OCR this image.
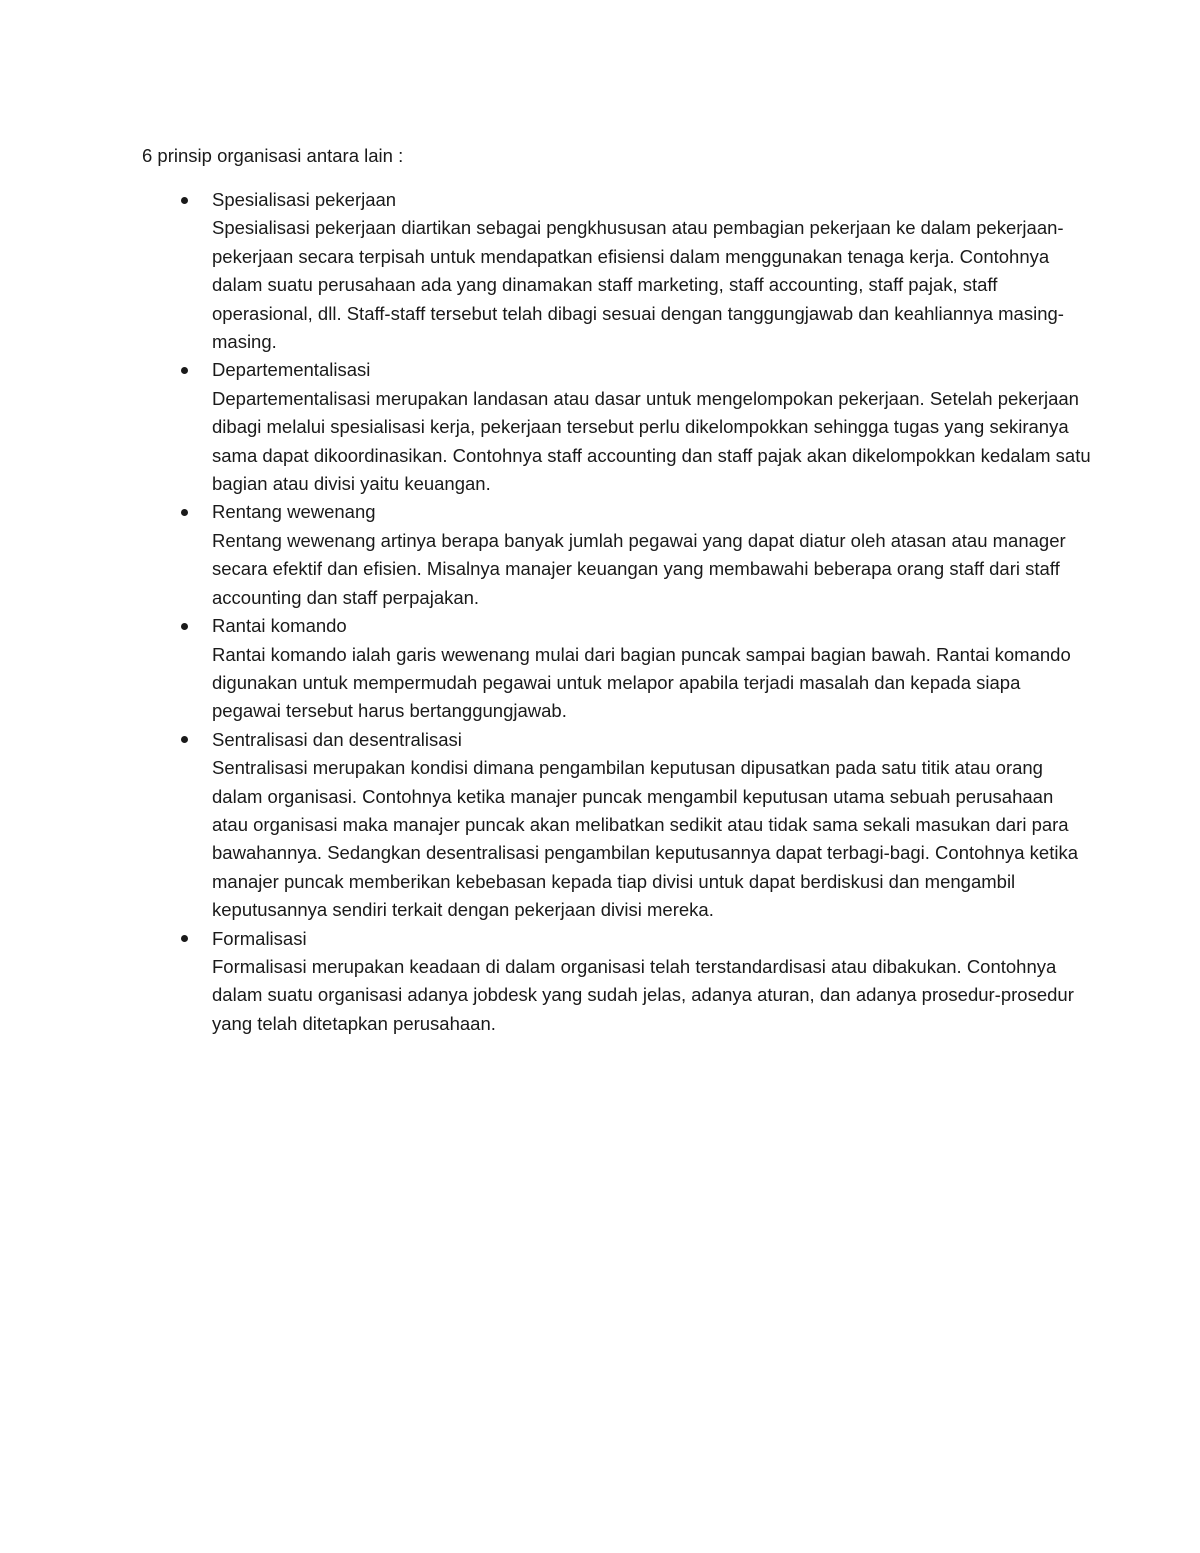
6 prinsip organisasi antara lain :

Spesialisasi pekerjaan
Spesialisasi pekerjaan diartikan sebagai pengkhususan atau pembagian pekerjaan ke dalam pekerjaan-pekerjaan secara terpisah untuk mendapatkan efisiensi dalam menggunakan tenaga kerja. Contohnya dalam suatu perusahaan ada yang dinamakan staff marketing, staff accounting, staff pajak, staff operasional, dll. Staff-staff tersebut telah dibagi sesuai dengan tanggungjawab dan keahliannya masing-masing.
Departementalisasi
Departementalisasi merupakan landasan atau dasar untuk mengelompokan pekerjaan. Setelah pekerjaan dibagi melalui spesialisasi kerja, pekerjaan tersebut perlu dikelompokkan sehingga tugas yang sekiranya sama dapat dikoordinasikan. Contohnya staff accounting dan staff pajak akan dikelompokkan kedalam satu bagian atau divisi yaitu keuangan.
Rentang wewenang
Rentang wewenang artinya berapa banyak jumlah pegawai yang dapat diatur oleh atasan atau manager secara efektif dan efisien. Misalnya manajer keuangan yang membawahi beberapa orang staff dari staff accounting dan staff perpajakan.
Rantai komando
Rantai komando ialah garis wewenang mulai dari bagian puncak sampai bagian bawah. Rantai komando digunakan untuk mempermudah pegawai untuk melapor apabila terjadi masalah dan kepada siapa pegawai tersebut harus bertanggungjawab.
Sentralisasi dan desentralisasi
Sentralisasi merupakan kondisi dimana pengambilan keputusan dipusatkan pada satu titik atau orang dalam organisasi. Contohnya ketika manajer puncak mengambil keputusan utama sebuah perusahaan atau organisasi maka manajer puncak akan melibatkan sedikit atau tidak sama sekali masukan dari para bawahannya. Sedangkan desentralisasi pengambilan keputusannya dapat terbagi-bagi. Contohnya ketika manajer puncak memberikan kebebasan kepada tiap divisi untuk dapat berdiskusi dan mengambil keputusannya sendiri terkait dengan pekerjaan divisi mereka.
Formalisasi
Formalisasi merupakan keadaan di dalam organisasi telah terstandardisasi atau dibakukan. Contohnya dalam suatu organisasi adanya jobdesk yang sudah jelas, adanya aturan, dan adanya prosedur-prosedur yang telah ditetapkan perusahaan.
